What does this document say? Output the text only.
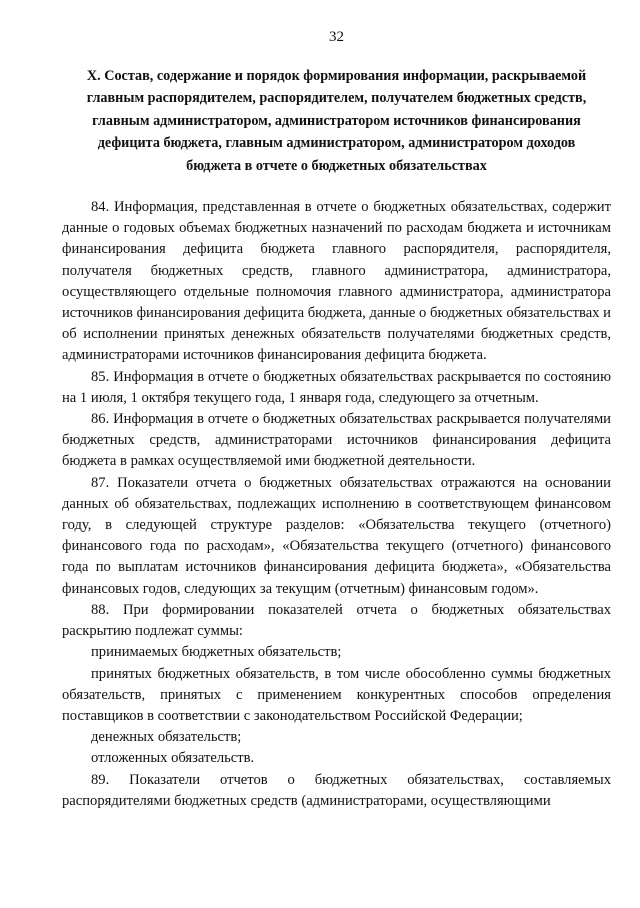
32
X. Состав, содержание и порядок формирования информации, раскрываемой
главным распорядителем, распорядителем, получателем бюджетных средств,
главным администратором, администратором источников финансирования
дефицита бюджета, главным администратором, администратором доходов
бюджета в отчете о бюджетных обязательствах

84. Информация, представленная в отчете о бюджетных обязательствах, содержит данные о годовых объемах бюджетных назначений по расходам бюджета и источникам финансирования дефицита бюджета главного распорядителя, распорядителя, получателя бюджетных средств, главного администратора, администратора, осуществляющего отдельные полномочия главного администратора, администратора источников финансирования дефицита бюджета, данные о бюджетных обязательствах и об исполнении принятых денежных обязательств получателями бюджетных средств, администраторами источников финансирования дефицита бюджета.

85. Информация в отчете о бюджетных обязательствах раскрывается по состоянию на 1 июля, 1 октября текущего года, 1 января года, следующего за отчетным.

86. Информация в отчете о бюджетных обязательствах раскрывается получателями бюджетных средств, администраторами источников финансирования дефицита бюджета в рамках осуществляемой ими бюджетной деятельности.

87. Показатели отчета о бюджетных обязательствах отражаются на основании данных об обязательствах, подлежащих исполнению в соответствующем финансовом году, в следующей структуре разделов: «Обязательства текущего (отчетного) финансового года по расходам», «Обязательства текущего (отчетного) финансового года по выплатам источников финансирования дефицита бюджета», «Обязательства финансовых годов, следующих за текущим (отчетным) финансовым годом».

88. При формировании показателей отчета о бюджетных обязательствах раскрытию подлежат суммы:

принимаемых бюджетных обязательств;

принятых бюджетных обязательств, в том числе обособленно суммы бюджетных обязательств, принятых с применением конкурентных способов определения поставщиков в соответствии с законодательством Российской Федерации;

денежных обязательств;

отложенных обязательств.

89. Показатели отчетов о бюджетных обязательствах, составляемых распорядителями бюджетных средств (администраторами, осуществляющими
